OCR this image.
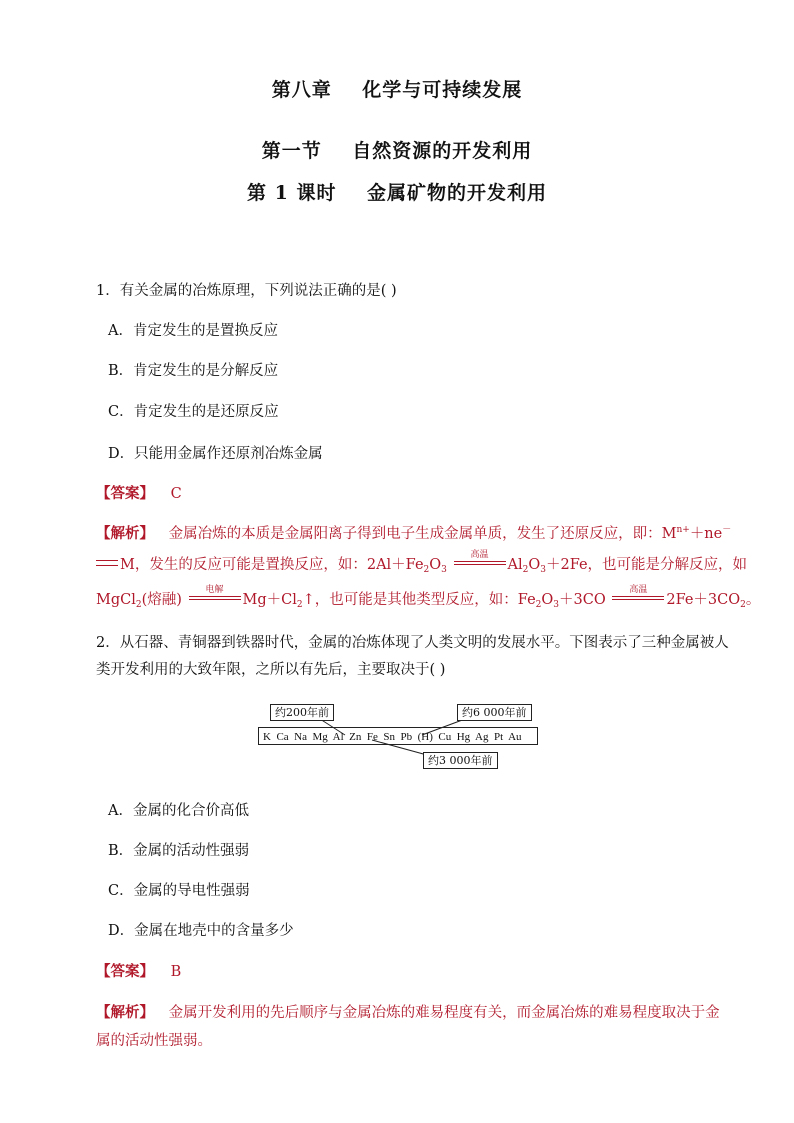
第八章    化学与可持续发展
第一节    自然资源的开发利用
第 1 课时    金属矿物的开发利用
1．有关金属的冶炼原理，下列说法正确的是( )
A．肯定发生的是置换反应
B．肯定发生的是分解反应
C．肯定发生的是还原反应
D．只能用金属作还原剂冶炼金属
【答案】 C
【解析】 金属冶炼的本质是金属阳离子得到电子生成金属单质，发生了还原反应，即：$M^{n+}+ne^-$
M，发生的反应可能是置换反应，如：$2Al+Fe_2O_3$
高温
$Al_2O_3+2Fe$，也可能是分解反应，如
MgCl$_2$(熔融)
电解
$Mg+Cl_2↑$，也可能是其他类型反应，如：$Fe_2O_3+3CO$
高温
$2Fe+3CO_2$。
2．从石器、青铜器到铁器时代，金属的冶炼体现了人类文明的发展水平。下图表示了三种金属被人
类开发利用的大致年限，之所以有先后，主要取决于( )
K  Ca  Na  Mg  Al  Zn  Fe  Sn  Pb  (H)  Cu  Hg  Ag  Pt  Au
约200年前	约6 000年前
约3 000年前
A．金属的化合价高低
B．金属的活动性强弱
C．金属的导电性强弱
D．金属在地壳中的含量多少
【答案】 B
【解析】 金属开发利用的先后顺序与金属冶炼的难易程度有关，而金属冶炼的难易程度取决于金
属的活动性强弱。
